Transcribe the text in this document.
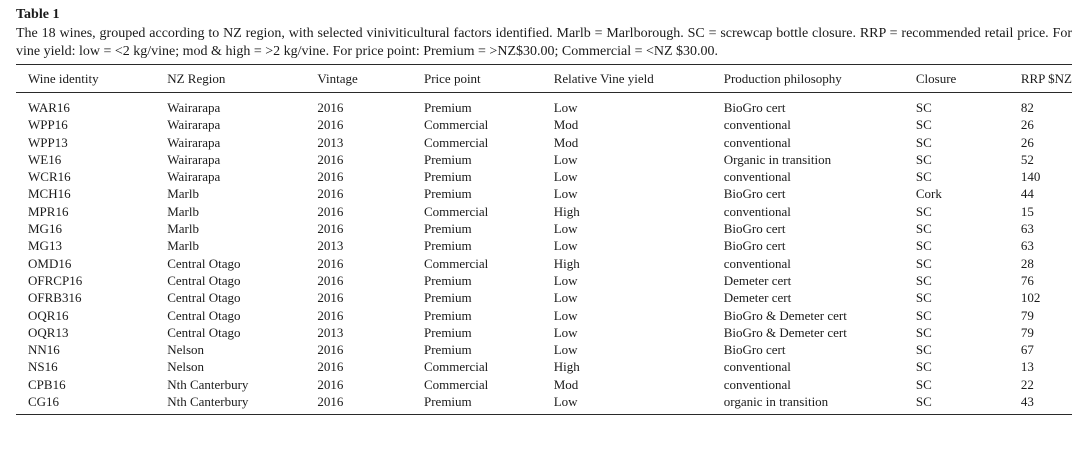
Table 1

The 18 wines, grouped according to NZ region, with selected viniviticultural factors identified. Marlb = Marlborough. SC = screwcap bottle closure. RRP = recommended retail price. For vine yield: low = <2 kg/vine; mod & high = >2 kg/vine. For price point: Premium = >NZ$30.00; Commercial = <NZ $30.00.

Wine identity	NZ Region	Vintage	Price point	Relative Vine yield	Production philosophy	Closure	RRP $NZ
WAR16	Wairarapa	2016	Premium	Low	BioGro cert	SC	82
WPP16	Wairarapa	2016	Commercial	Mod	conventional	SC	26
WPP13	Wairarapa	2013	Commercial	Mod	conventional	SC	26
WE16	Wairarapa	2016	Premium	Low	Organic in transition	SC	52
WCR16	Wairarapa	2016	Premium	Low	conventional	SC	140
MCH16	Marlb	2016	Premium	Low	BioGro cert	Cork	44
MPR16	Marlb	2016	Commercial	High	conventional	SC	15
MG16	Marlb	2016	Premium	Low	BioGro cert	SC	63
MG13	Marlb	2013	Premium	Low	BioGro cert	SC	63
OMD16	Central Otago	2016	Commercial	High	conventional	SC	28
OFRCP16	Central Otago	2016	Premium	Low	Demeter cert	SC	76
OFRB316	Central Otago	2016	Premium	Low	Demeter cert	SC	102
OQR16	Central Otago	2016	Premium	Low	BioGro & Demeter cert	SC	79
OQR13	Central Otago	2013	Premium	Low	BioGro & Demeter cert	SC	79
NN16	Nelson	2016	Premium	Low	BioGro cert	SC	67
NS16	Nelson	2016	Commercial	High	conventional	SC	13
CPB16	Nth Canterbury	2016	Commercial	Mod	conventional	SC	22
CG16	Nth Canterbury	2016	Premium	Low	organic in transition	SC	43
